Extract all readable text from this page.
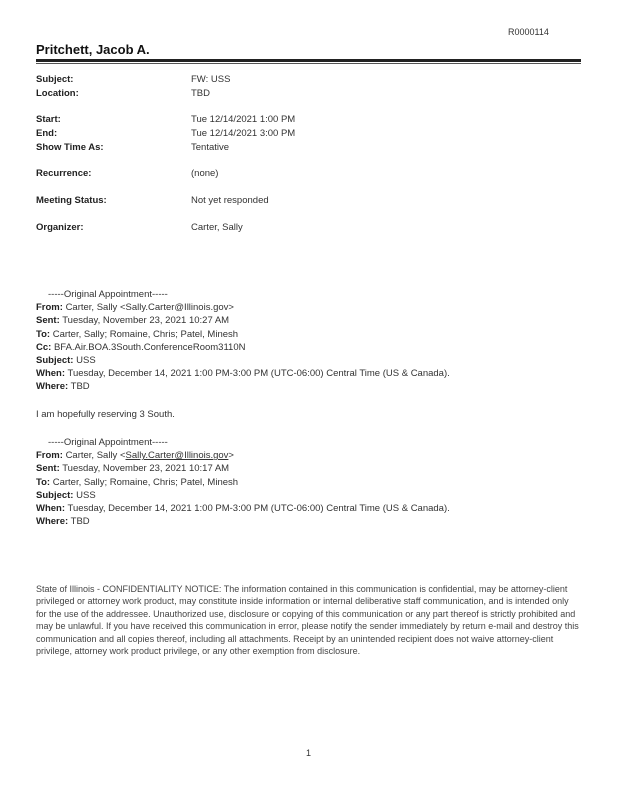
R0000114
Pritchett, Jacob A.
Subject:	FW: USS
Location:	TBD
Start:	Tue 12/14/2021 1:00 PM
End:	Tue 12/14/2021 3:00 PM
Show Time As:	Tentative
Recurrence:	(none)
Meeting Status:	Not yet responded
Organizer:	Carter, Sally
-----Original Appointment-----
From: Carter, Sally <Sally.Carter@Illinois.gov>
Sent: Tuesday, November 23, 2021 10:27 AM
To: Carter, Sally; Romaine, Chris; Patel, Minesh
Cc: BFA.Air.BOA.3South.ConferenceRoom3110N
Subject: USS
When: Tuesday, December 14, 2021 1:00 PM-3:00 PM (UTC-06:00) Central Time (US & Canada).
Where: TBD
I am hopefully reserving 3 South.
-----Original Appointment-----
From: Carter, Sally <Sally.Carter@Illinois.gov>
Sent: Tuesday, November 23, 2021 10:17 AM
To: Carter, Sally; Romaine, Chris; Patel, Minesh
Subject: USS
When: Tuesday, December 14, 2021 1:00 PM-3:00 PM (UTC-06:00) Central Time (US & Canada).
Where: TBD
State of Illinois - CONFIDENTIALITY NOTICE: The information contained in this communication is confidential, may be attorney-client privileged or attorney work product, may constitute inside information or internal deliberative staff communication, and is intended only for the use of the addressee. Unauthorized use, disclosure or copying of this communication or any part thereof is strictly prohibited and may be unlawful. If you have received this communication in error, please notify the sender immediately by return e-mail and destroy this communication and all copies thereof, including all attachments. Receipt by an unintended recipient does not waive attorney-client privilege, attorney work product privilege, or any other exemption from disclosure.
1
